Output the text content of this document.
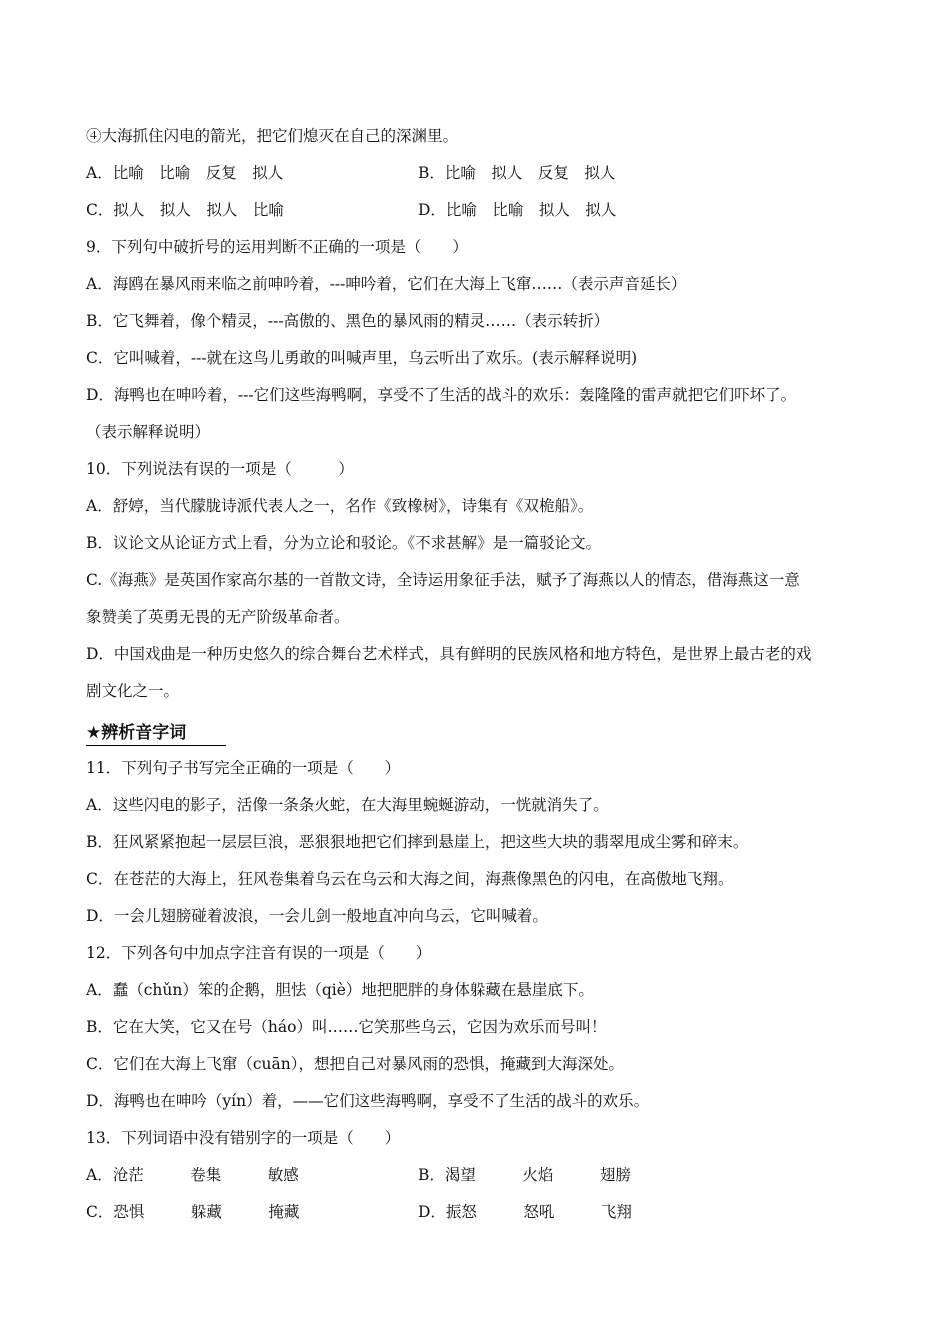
④大海抓住闪电的箭光，把它们熄灭在自己的深渊里。
A．比喻　比喻　反复　拟人	B．比喻　拟人　反复　拟人
C．拟人　拟人　拟人　比喻	D．比喻　比喻　拟人　拟人
9．下列句中破折号的运用判断不正确的一项是（　　）
A．海鸥在暴风雨来临之前呻吟着，---呻吟着，它们在大海上飞窜……（表示声音延长）
B．它飞舞着，像个精灵，---高傲的、黑色的暴风雨的精灵……（表示转折）
C．它叫喊着，---就在这鸟儿勇敢的叫喊声里，乌云听出了欢乐。(表示解释说明)
D．海鸭也在呻吟着，---它们这些海鸭啊，享受不了生活的战斗的欢乐：轰隆隆的雷声就把它们吓坏了。
（表示解释说明）
10．下列说法有误的一项是（　　　）
A．舒婷，当代朦胧诗派代表人之一，名作《致橡树》，诗集有《双桅船》。
B．议论文从论证方式上看，分为立论和驳论。《不求甚解》是一篇驳论文。
C.《海燕》是英国作家高尔基的一首散文诗，全诗运用象征手法，赋予了海燕以人的情态，借海燕这一意
象赞美了英勇无畏的无产阶级革命者。
D．中国戏曲是一种历史悠久的综合舞台艺术样式，具有鲜明的民族风格和地方特色，是世界上最古老的戏
剧文化之一。
★辨析音字词
11．下列句子书写完全正确的一项是（　　）
A．这些闪电的影子，活像一条条火蛇，在大海里蜿蜒游动，一恍就消失了。
B．狂风紧紧抱起一层层巨浪，恶狠狠地把它们摔到悬崖上，把这些大块的翡翠甩成尘雾和碎末。
C．在苍茫的大海上，狂风卷集着乌云在乌云和大海之间，海燕像黑色的闪电，在高傲地飞翔。
D．一会儿翅膀碰着波浪，一会儿剑一般地直冲向乌云，它叫喊着。
12．下列各句中加点字注音有误的一项是（　　）
A．蠢（chǔn）笨的企鹅，胆怯（qiè）地把肥胖的身体躲藏在悬崖底下。
B．它在大笑，它又在号（háo）叫……它笑那些乌云，它因为欢乐而号叫！
C．它们在大海上飞窜（cuān），想把自己对暴风雨的恐惧，掩藏到大海深处。
D．海鸭也在呻吟（yín）着，——它们这些海鸭啊，享受不了生活的战斗的欢乐。
13．下列词语中没有错别字的一项是（　　）
A．沧茫　　　卷集　　　敏感	B．渴望　　　火焰　　　翅膀
C．恐惧　　　躲藏　　　掩藏	D．振怒　　　怒吼　　　飞翔
